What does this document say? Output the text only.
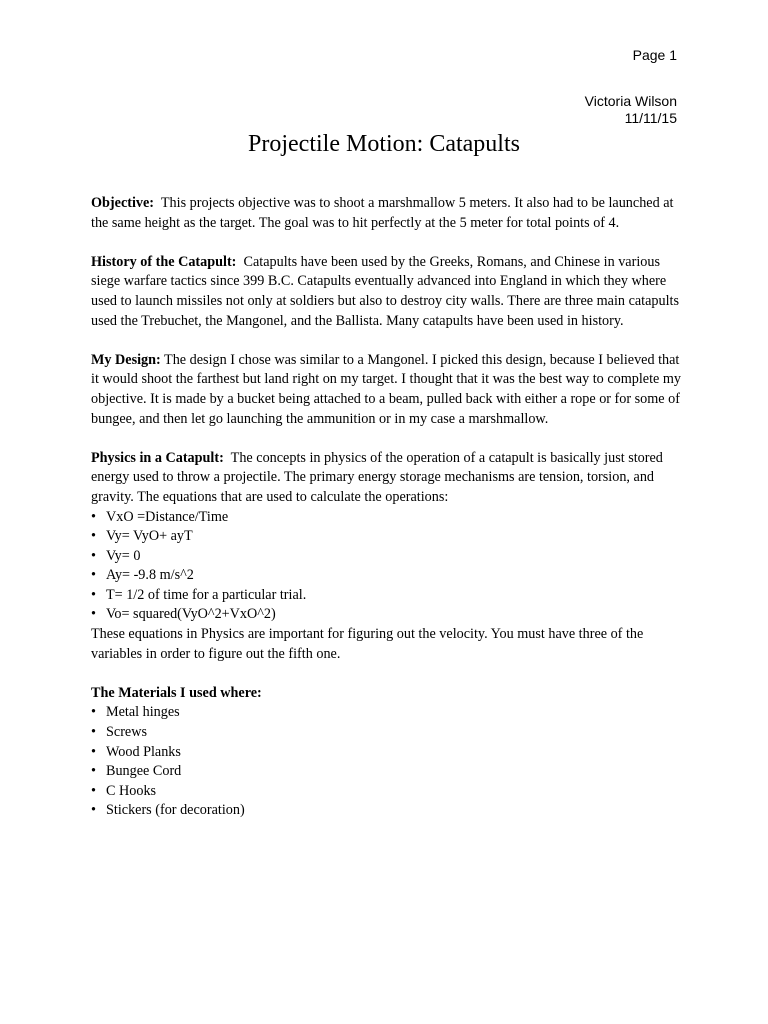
Page 1
Victoria Wilson
11/11/15
Projectile Motion: Catapults

Objective: This projects objective was to shoot a marshmallow 5 meters. It also had to be launched at the same height as the target. The goal was to hit perfectly at the 5 meter for total points of 4.

History of the Catapult: Catapults have been used by the Greeks, Romans, and Chinese in various siege warfare tactics since 399 B.C. Catapults eventually advanced into England in which they where used to launch missiles not only at soldiers but also to destroy city walls. There are three main catapults used the Trebuchet, the Mangonel, and the Ballista. Many catapults have been used in history.

My Design: The design I chose was similar to a Mangonel. I picked this design, because I believed that it would shoot the farthest but land right on my target. I thought that it was the best way to complete my objective. It is made by a bucket being attached to a beam, pulled back with either a rope or for some of bungee, and then let go launching the ammunition or in my case a marshmallow.

Physics in a Catapult: The concepts in physics of the operation of a catapult is basically just stored energy used to throw a projectile. The primary energy storage mechanisms are tension, torsion, and gravity. The equations that are used to calculate the operations:

• VxO =Distance/Time
• Vy= VyO+ ayT
• Vy= 0
• Ay= -9.8 m/s^2
• T= 1/2 of time for a particular trial.
• Vo= squared(VyO^2+VxO^2)

These equations in Physics are important for figuring out the velocity. You must have three of the variables in order to figure out the fifth one.

The Materials I used where:

• Metal hinges
• Screws
• Wood Planks
• Bungee Cord
• C Hooks
• Stickers (for decoration)
